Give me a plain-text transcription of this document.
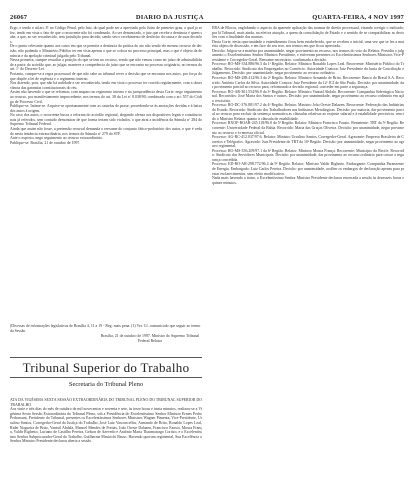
26067	DIARIO DA JUSTIÇA	QUARTA-FEIRA, 4 NOV 1997
Ergo, e tendo o ad art. 8º no Código Penal, pelo fato, do qual pode ser a apreciado pelo Juízo de primeiro grau, o qual ja se fez, tendo em vista o fato de que o recorrente não foi condenado. Ao ser denunciado, o juiz que recebe a denúncia é quem sabe, a que, ao ser reconhecido, tem jurisdição para decidir, sendo seu o recebimento de desfecho da causa e de suas decisões.
De o ponto relevante quanto aos casos em que se permite a denúncia da prática do ato não sendo ele mesmo recurso de decisão, não podendo o Ministério Público ter em vista apenas o que se coloca no processo principal, mas o que é objeto da denúncia e da apelação criminal julgada pelo Tribunal.
Nessa primeira, cumpre ressaltar a posição do que se tem no recurso, sendo que não vemos como ter juízo de admissibilidade a partir do acórdão que, ao julgar, manteve a competência do juízo que se encontra no processo originário, no termos do art. 1º do Decreto-Lei.
Portanto, cumpre-se a regra processual de que não cabe ao tribunal rever a decisão que se encontra nos autos, por força do que dispõe a lei de regência e o regimento interno.
Nos dizendo, pois, que não há nulidade a ser reconhecida, tendo em vista o processo ter corrido regularmente, com a observância das garantias constitucionais do réu.
Assim não havendo o que se reformar, com amparo no regimento interno e na jurisprudência desta Corte, nego seguimento ao recurso, por manifestamente improcedente, nos termos do art. 38 da Lei nº 8.038/90, combinado com o art. 557 do Código de Processo Civil.
Publique-se. Intime-se. Arquive-se oportunamente com as cautelas de praxe, procedendo-se às anotações devidas e à baixa dos autos à origem.
No caso dos autos, o recorrente busca a reforma do acórdão regional, alegando ofensa aos dispositivos legais e constitucionais já referidos, sem contudo demonstrar de que forma teriam sido violados, o que atrai a incidência da Súmula nº 284 do Supremo Tribunal Federal.
Ainda que assim não fosse, a pretensão recursal demanda o reexame do conjunto fático-probatório dos autos, o que é vedado nesta instância extraordinária, nos termos da Súmula nº 279 do STF.
Ante o exposto, nego seguimento ao recurso extraordinário.
Publique-se. Brasília, 21 de outubro de 1997.
(Diversas de informações legislativas de Brasília 4, 11 a 19 - Reg. mais pena. (1) Ver. Cf. comunicado que seguir ao termo da Sessão.
Brasília, 21 de outubro de 1997. Ministro do Supremo Tribunal Federal Relator
Tribunal Superior do Trabalho
Secretaria do Tribunal Pleno
ATA DA VIGÉSIMA SEXTA SESSÃO EXTRAORDINÁRIA DO TRIBUNAL PLENO DO TRIBUNAL SUPERIOR DO TRABALHO
Aos vinte e três dias do mês de outubro de mil novecentos e noventa e sete, às treze horas e trinta minutos, realizou-se a Vigésima Sexta Sessão Extraordinária do Tribunal Pleno, sob a Presidência do Excelentíssimo Senhor Ministro Ermes Pedro Pedrassani, Presidente do Tribunal, presentes os Excelentíssimos Senhores Ministros Wagner Pimenta, Vice-Presidente, Ursulino Santos, Corregedor-Geral da Justiça do Trabalho, José Luiz Vasconcellos, Armando de Brito, Ronaldo Lopes Leal, Rider Nogueira de Brito, Vantuil Abdala, Manoel Mendes de Freitas, João Oreste Dalazen, Francisco Fausto, Moura França, Valdir Righetto, Luciano de Castilho Pereira, Gelson de Azevedo e Antônio Maria Thaumaturgo Cortizo, e o Excelentíssimo Senhor Subprocurador-Geral do Trabalho, Guilherme Mastrichi Basso. Havendo quorum regimental, Sua Excelência o Senhor Ministro Presidente declarou aberta a sessão.
ERA de Blocos, englobando o aspecto da aparente aplicação das normas de direito processual, visando corrigir o indicado; pra lá Tribunal, mais ainda, na efetiva atuação, a quem da consolidação de Estado e o sentido de se compatibilizar as decisões com a finalidade das normas.
Desta Corte, nesta oportunidade o entendimento ficou bem estabelecido, que se recebeu a inicial, uma vez que se fez a matéria objeto de discussão, e em face do seu teor, nos termos em que ficou apreciada.
Decisão: Julgou-se a matéria por unanimidade, negar provimento ao recurso, nos termos do voto do Relator. Presidiu o julgamento o Excelentíssimo Senhor Ministro Presidente, e estiveram presentes os Excelentíssimos Senhores Ministros Vice-Presidente e Corregedor-Geral. Reexame necessário: confirmada a decisão.
Processo: RO-MS-334.886/96.5 da 1ª Região. Relator: Ministro Ronaldo Lopes Leal. Recorrente: Ministério Público do Trabalho. Recorrido: Sindicato dos Empregados no Comércio. Autoridade Coatora: Juiz Presidente da Junta de Conciliação e Julgamento. Decisão: por unanimidade, negar provimento ao recurso ordinário.
Processo: RO-MS-288.412/96.3 da 2ª Região. Relator: Ministro Armando de Brito. Recorrente: Banco do Brasil S.A. Recorrido: Antônio Carlos da Silva. Autoridade Coatora: Juiz Presidente da 12ª JCJ de São Paulo. Decisão: por unanimidade, dar provimento parcial ao recurso para, reformando a decisão regional, conceder em parte a segurança.
Processo: RO-AR-301.554/96.8 da 3ª Região. Relator: Ministro Vantuil Abdala. Recorrente: Companhia Siderúrgica Nacional. Recorridos: José Maria dos Santos e outros. Decisão: por unanimidade, negar provimento ao recurso ordinário em ação rescisória.
Processo: RO-DC-376.881/97.2 da 4ª Região. Relator: Ministro João Oreste Dalazen. Recorrente: Federação das Indústrias do Estado. Recorrido: Sindicato dos Trabalhadores nas Indústrias Metalúrgicas. Decisão: por maioria, dar provimento parcial ao recurso para excluir da sentença normativa as cláusulas relativas ao reajuste salarial e à estabilidade provisória, vencido o Ministro Relator quanto à cláusula de estabilidade.
Processo: RXOF-ROAR-245.118/96.0 da 5ª Região. Relator: Ministro Francisco Fausto. Remetente: TRT da 5ª Região. Recorrente: Universidade Federal da Bahia. Recorrido: Maria das Graças Oliveira. Decisão: por unanimidade, negar provimento ao recurso e à remessa oficial.
Processo: AG-RC-412.037/97.6. Relator: Ministro Ursulino Santos, Corregedor-Geral. Agravante: Empresa Brasileira de Correios e Telégrafos. Agravado: Juiz Presidente do TRT da 10ª Região. Decisão: por unanimidade, negar provimento ao agravo regimental.
Processo: RO-MS-356.209/97.1 da 6ª Região. Relator: Ministro Moura França. Recorrente: Município do Recife. Recorrido: Sindicato dos Servidores Municipais. Decisão: por unanimidade, dar provimento ao recurso ordinário para cassar a segurança concedida.
Processo: ED-RO-AR-298.772/96.4 da 9ª Região. Relator: Ministro Valdir Righetto. Embargante: Companhia Paranaense de Energia. Embargado: Luiz Carlos Pereira. Decisão: por unanimidade, acolher os embargos de declaração apenas para prestar esclarecimentos, sem efeito modificativo.
Nada mais havendo a tratar, o Excelentíssimo Senhor Ministro Presidente declarou encerrada a sessão às dezesseis horas e quinze minutos.
